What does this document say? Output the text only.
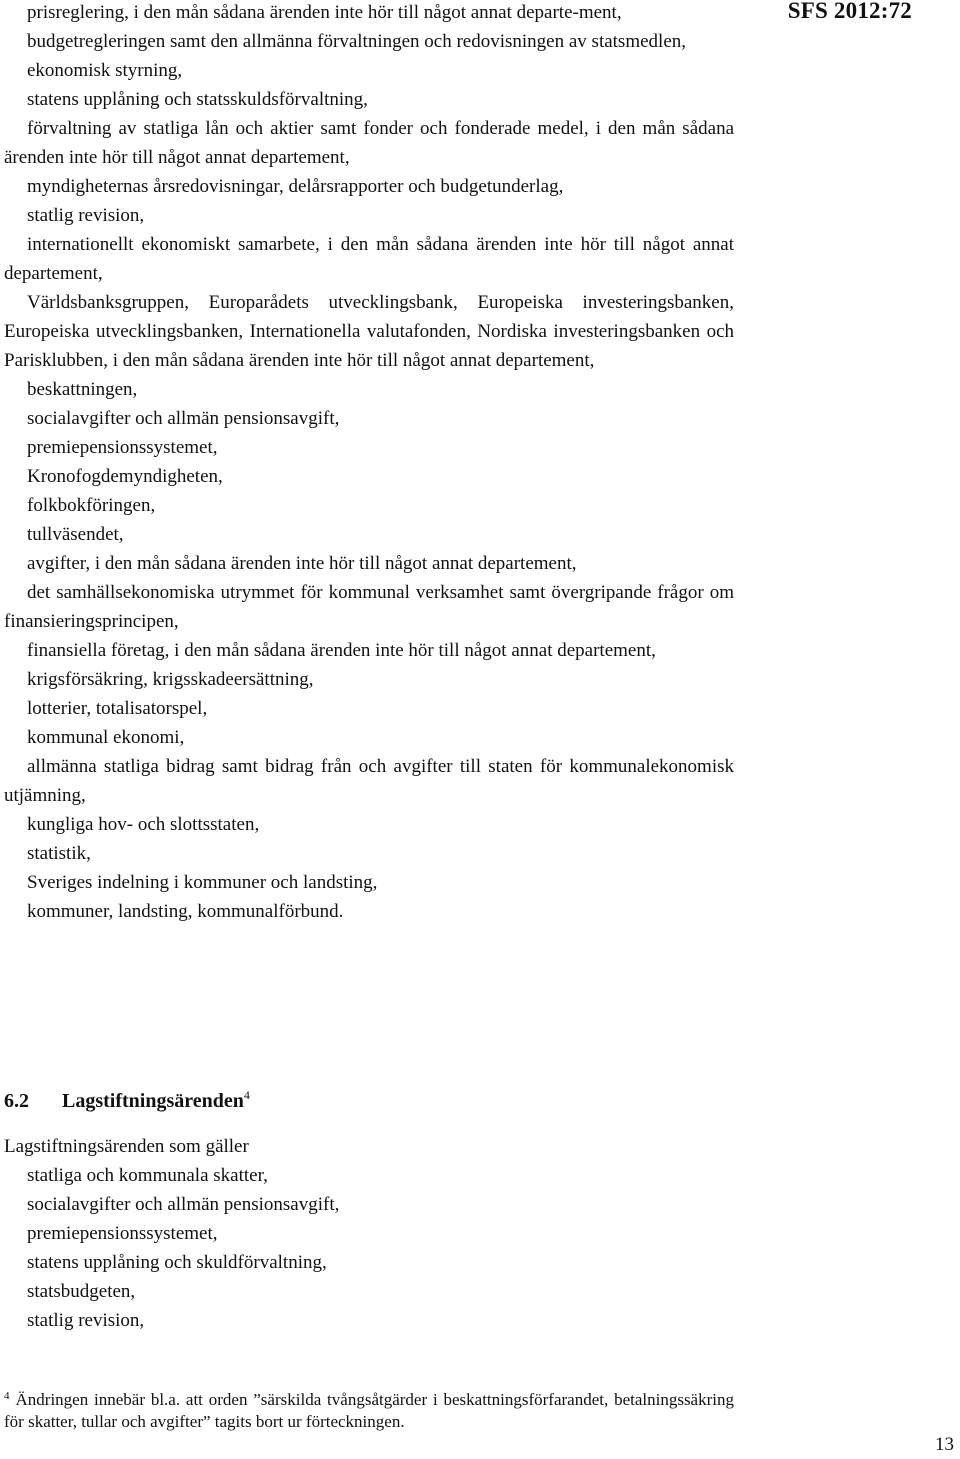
SFS 2012:72

prisreglering, i den mån sådana ärenden inte hör till något annat departe-ment,

budgetregleringen samt den allmänna förvaltningen och redovisningen av statsmedlen,

ekonomisk styrning,

statens upplåning och statsskuldsförvaltning,

förvaltning av statliga lån och aktier samt fonder och fonderade medel, i den mån sådana ärenden inte hör till något annat departement,

myndigheternas årsredovisningar, delårsrapporter och budgetunderlag,

statlig revision,

internationellt ekonomiskt samarbete, i den mån sådana ärenden inte hör till något annat departement,

Världsbanksgruppen, Europarådets utvecklingsbank, Europeiska investeringsbanken, Europeiska utvecklingsbanken, Internationella valutafonden, Nordiska investeringsbanken och Parisklubben, i den mån sådana ärenden inte hör till något annat departement,

beskattningen,

socialavgifter och allmän pensionsavgift,

premiepensionssystemet,

Kronofogdemyndigheten,

folkbokföringen,

tullväsendet,

avgifter, i den mån sådana ärenden inte hör till något annat departement,

det samhällsekonomiska utrymmet för kommunal verksamhet samt övergripande frågor om finansieringsprincipen,

finansiella företag, i den mån sådana ärenden inte hör till något annat departement,

krigsförsäkring, krigsskadeersättning,

lotterier, totalisatorspel,

kommunal ekonomi,

allmänna statliga bidrag samt bidrag från och avgifter till staten för kommunalekonomisk utjämning,

kungliga hov- och slottsstaten,

statistik,

Sveriges indelning i kommuner och landsting,

kommuner, landsting, kommunalförbund.

6.2 Lagstiftningsärenden$^4$

Lagstiftningsärenden som gäller

statliga och kommunala skatter,

socialavgifter och allmän pensionsavgift,

premiepensionssystemet,

statens upplåning och skuldförvaltning,

statsbudgeten,

statlig revision,

$^4$ Ändringen innebär bl.a. att orden ”särskilda tvångsåtgärder i beskattningsförfarandet, betalningssäkring för skatter, tullar och avgifter” tagits bort ur förteckningen.

13
